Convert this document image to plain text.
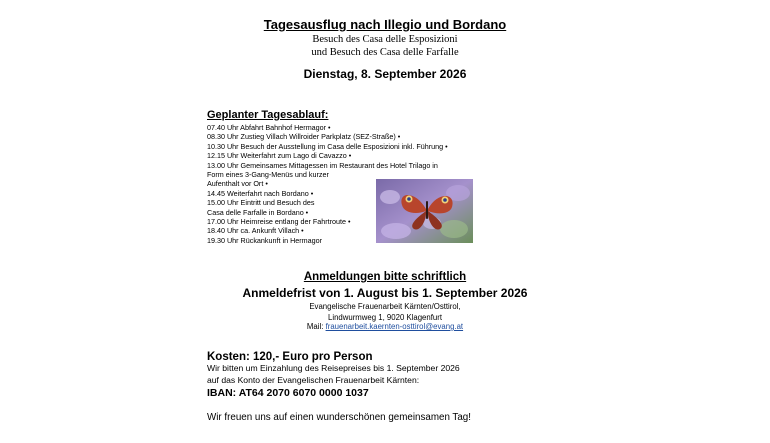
Tagesausflug nach Illegio und Bordano
Besuch des Casa delle Esposizioni
und Besuch des Casa delle Farfalle
Dienstag, 8. September 2026
Geplanter Tagesablauf:
07.40 Uhr Abfahrt Bahnhof Hermagor •
08.30 Uhr Zustieg Villach Willroider Parkplatz (SEZ-Straße) •
10.30 Uhr Besuch der Ausstellung im Casa delle Esposizioni inkl. Führung •
12.15 Uhr Weiterfahrt zum Lago di Cavazzo •
13.00 Uhr Gemeinsames Mittagessen im Restaurant des Hotel Trilago in
Form eines 3-Gang-Menüs und kurzer
Aufenthalt vor Ort •
14.45 Weiterfahrt nach Bordano •
15.00 Uhr Eintritt und Besuch des
Casa delle Farfalle in Bordano •
17.00 Uhr Heimreise entlang der Fahrtroute •
18.40 Uhr ca. Ankunft Villach •
19.30 Uhr Rückankunft in Hermagor
Anmeldungen bitte schriftlich
Anmeldefrist von 1. August bis 1. September 2026
Evangelische Frauenarbeit Kärnten/Osttirol,
Lindwurmweg 1, 9020 Klagenfurt
Mail: frauenarbeit.kaernten-osttirol@evang.at
Kosten: 120,- Euro pro Person
Wir bitten um Einzahlung des Reisepreises bis 1. September 2026
auf das Konto der Evangelischen Frauenarbeit Kärnten:
IBAN: AT64 2070 6070 0000 1037
Wir freuen uns auf einen wunderschönen gemeinsamen Tag!
